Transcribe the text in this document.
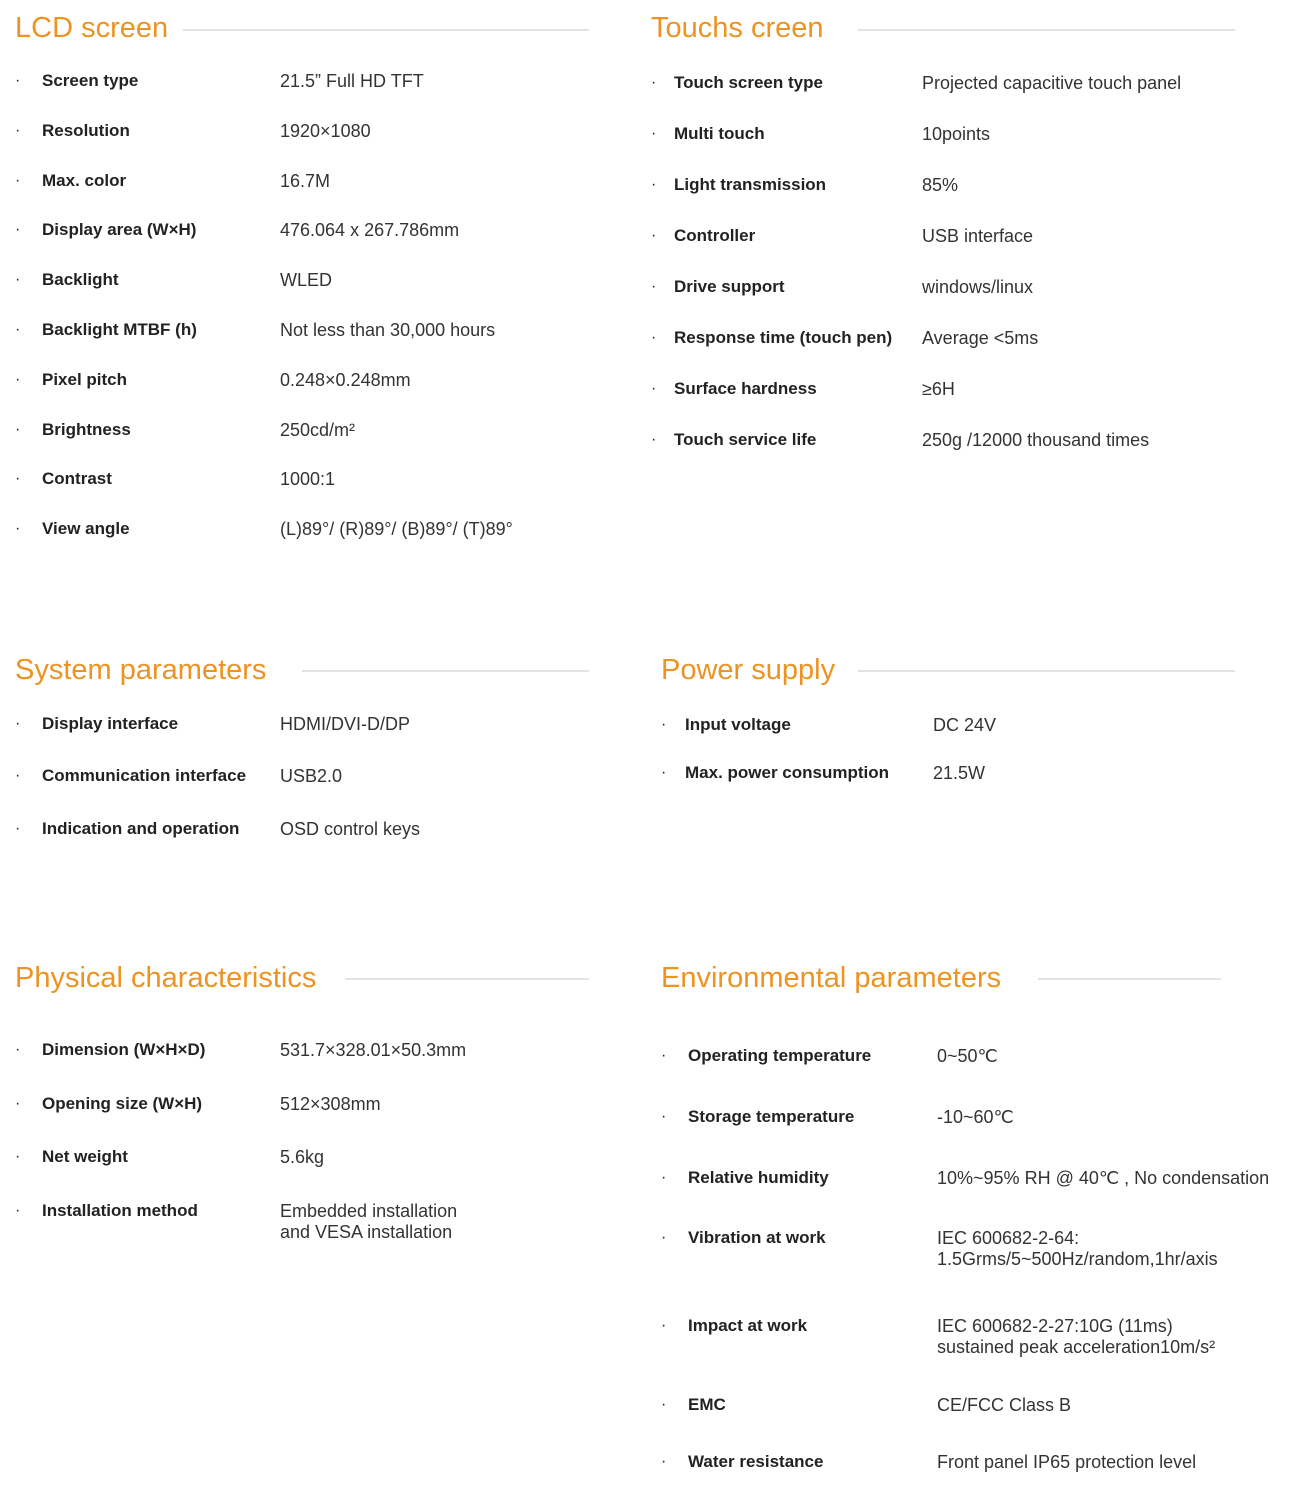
LCD screen
· Screen type	21.5” Full HD TFT
· Resolution	1920×1080
· Max. color	16.7M
· Display area (W×H)	476.064 x 267.786mm
· Backlight	WLED
· Backlight MTBF (h)	Not less than 30,000 hours
· Pixel pitch	0.248×0.248mm
· Brightness	250cd/m²
· Contrast	1000:1
· View angle	(L)89°/ (R)89°/ (B)89°/ (T)89°
Touchs creen
· Touch screen type	Projected capacitive touch panel
· Multi touch	10points
· Light transmission	85%
· Controller	USB interface
· Drive support	windows/linux
· Response time (touch pen) Average <5ms
· Surface hardness	≥6H
· Touch service life	250g /12000 thousand times
System parameters
· Display interface	HDMI/DVI-D/DP
· Communication interface USB2.0
· Indication and operation OSD control keys
Power supply
· Input voltage	DC 24V
· Max. power consumption 21.5W
Physical characteristics
· Dimension (W×H×D)	531.7×328.01×50.3mm
· Opening size (W×H)	512×308mm
· Net weight	5.6kg
· Installation method	Embedded installation
and VESA installation
Environmental parameters
· Operating temperature	0~50℃
· Storage temperature	-10~60℃
· Relative humidity	10%~95% RH @ 40℃ , No condensation
· Vibration at work	IEC 600682-2-64:
1.5Grms/5~500Hz/random,1hr/axis
· Impact at work	IEC 600682-2-27:10G (11ms)
sustained peak acceleration10m/s²
· EMC	CE/FCC Class B
· Water resistance	Front panel IP65 protection level
